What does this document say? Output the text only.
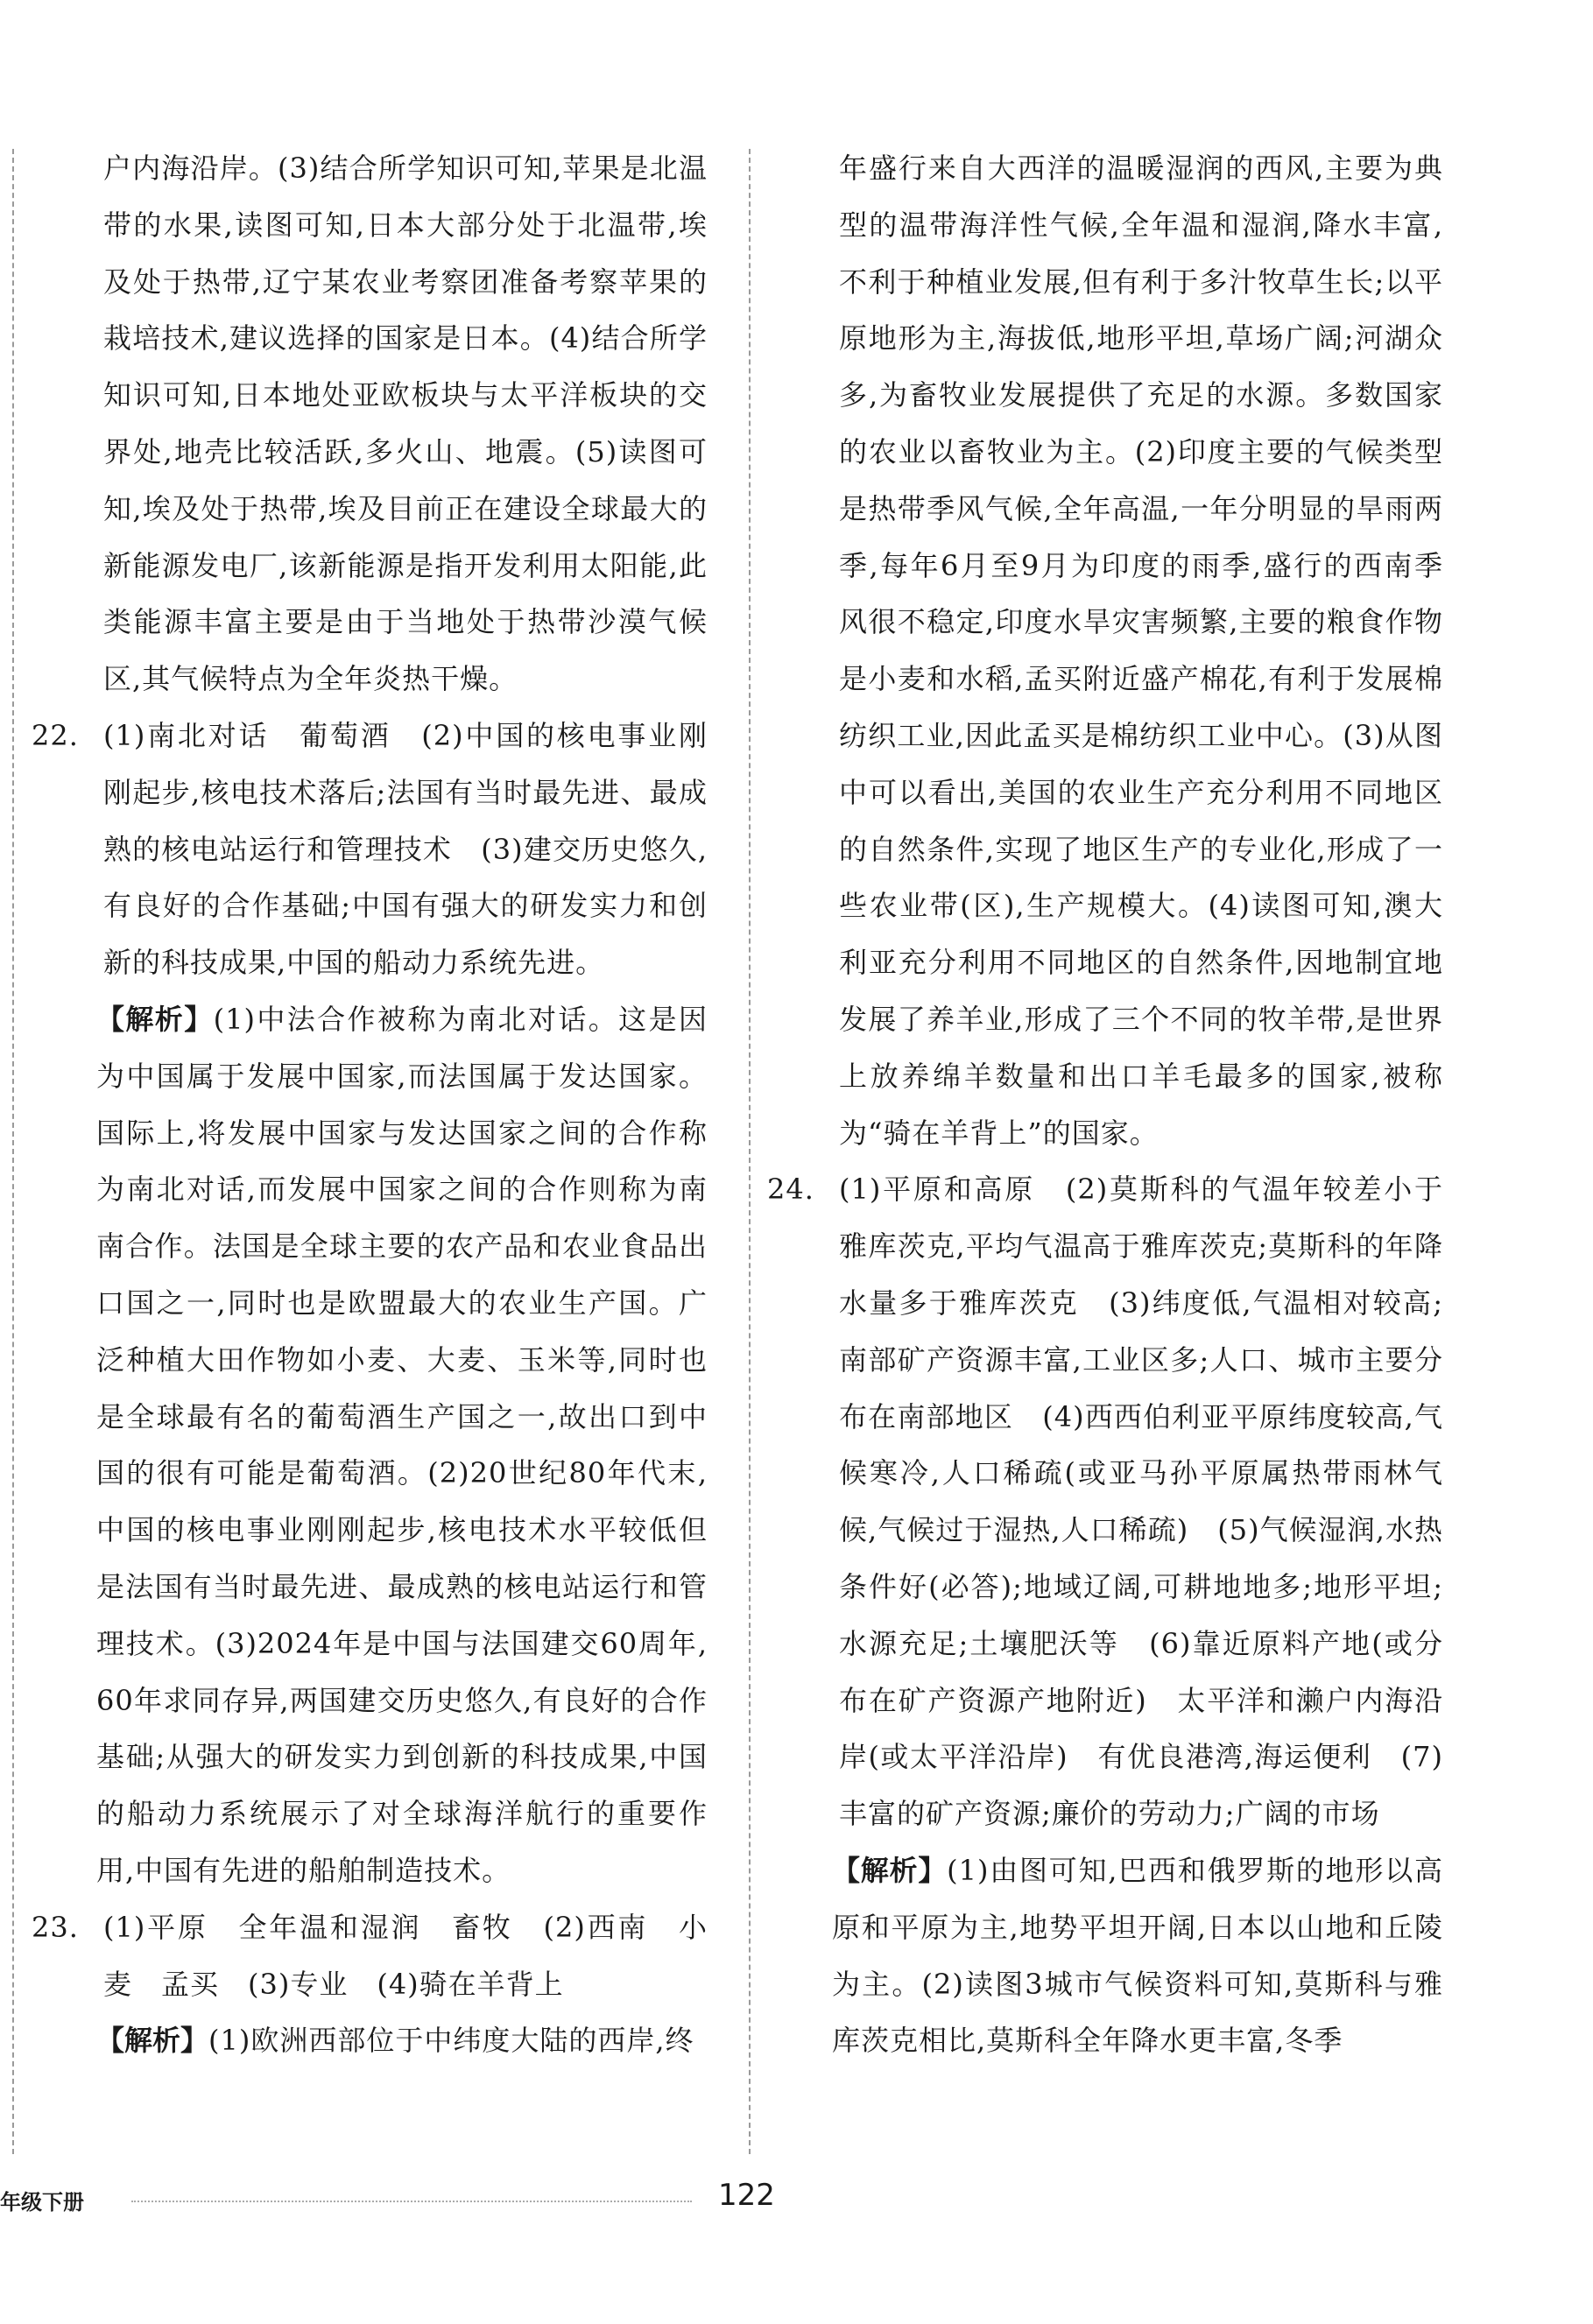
户内海沿岸。(3)结合所学知识可知,苹果是北温带的水果,读图可知,日本大部分处于北温带,埃及处于热带,辽宁某农业考察团准备考察苹果的栽培技术,建议选择的国家是日本。(4)结合所学知识可知,日本地处亚欧板块与太平洋板块的交界处,地壳比较活跃,多火山、地震。(5)读图可知,埃及处于热带,埃及目前正在建设全球最大的新能源发电厂,该新能源是指开发利用太阳能,此类能源丰富主要是由于当地处于热带沙漠气候区,其气候特点为全年炎热干燥。

22. (1)南北对话　葡萄酒　(2)中国的核电事业刚刚起步,核电技术落后;法国有当时最先进、最成熟的核电站运行和管理技术　(3)建交历史悠久,有良好的合作基础;中国有强大的研发实力和创新的科技成果,中国的船动力系统先进。

【解析】(1)中法合作被称为南北对话。这是因为中国属于发展中国家,而法国属于发达国家。国际上,将发展中国家与发达国家之间的合作称为南北对话,而发展中国家之间的合作则称为南南合作。法国是全球主要的农产品和农业食品出口国之一,同时也是欧盟最大的农业生产国。广泛种植大田作物如小麦、大麦、玉米等,同时也是全球最有名的葡萄酒生产国之一,故出口到中国的很有可能是葡萄酒。(2)20世纪80年代末,中国的核电事业刚刚起步,核电技术水平较低但是法国有当时最先进、最成熟的核电站运行和管理技术。(3)2024年是中国与法国建交60周年,60年求同存异,两国建交历史悠久,有良好的合作基础;从强大的研发实力到创新的科技成果,中国的船动力系统展示了对全球海洋航行的重要作用,中国有先进的船舶制造技术。

23. (1)平原　全年温和湿润　畜牧　(2)西南　小麦　孟买　(3)专业　(4)骑在羊背上

【解析】(1)欧洲西部位于中纬度大陆的西岸,终

年盛行来自大西洋的温暖湿润的西风,主要为典型的温带海洋性气候,全年温和湿润,降水丰富,不利于种植业发展,但有利于多汁牧草生长;以平原地形为主,海拔低,地形平坦,草场广阔;河湖众多,为畜牧业发展提供了充足的水源。多数国家的农业以畜牧业为主。(2)印度主要的气候类型是热带季风气候,全年高温,一年分明显的旱雨两季,每年6月至9月为印度的雨季,盛行的西南季风很不稳定,印度水旱灾害频繁,主要的粮食作物是小麦和水稻,孟买附近盛产棉花,有利于发展棉纺织工业,因此孟买是棉纺织工业中心。(3)从图中可以看出,美国的农业生产充分利用不同地区的自然条件,实现了地区生产的专业化,形成了一些农业带(区),生产规模大。(4)读图可知,澳大利亚充分利用不同地区的自然条件,因地制宜地发展了养羊业,形成了三个不同的牧羊带,是世界上放养绵羊数量和出口羊毛最多的国家,被称为“骑在羊背上”的国家。

24. (1)平原和高原　(2)莫斯科的气温年较差小于雅库茨克,平均气温高于雅库茨克;莫斯科的年降水量多于雅库茨克　(3)纬度低,气温相对较高;南部矿产资源丰富,工业区多;人口、城市主要分布在南部地区　(4)西西伯利亚平原纬度较高,气候寒冷,人口稀疏(或亚马孙平原属热带雨林气候,气候过于湿热,人口稀疏)　(5)气候湿润,水热条件好(必答);地域辽阔,可耕地地多;地形平坦;水源充足;土壤肥沃等　(6)靠近原料产地(或分布在矿产资源产地附近)　太平洋和濑户内海沿岸(或太平洋沿岸)　有优良港湾,海运便利　(7)丰富的矿产资源;廉价的劳动力;广阔的市场

【解析】(1)由图可知,巴西和俄罗斯的地形以高原和平原为主,地势平坦开阔,日本以山地和丘陵为主。(2)读图3城市气候资料可知,莫斯科与雅库茨克相比,莫斯科全年降水更丰富,冬季

年级下册	122
